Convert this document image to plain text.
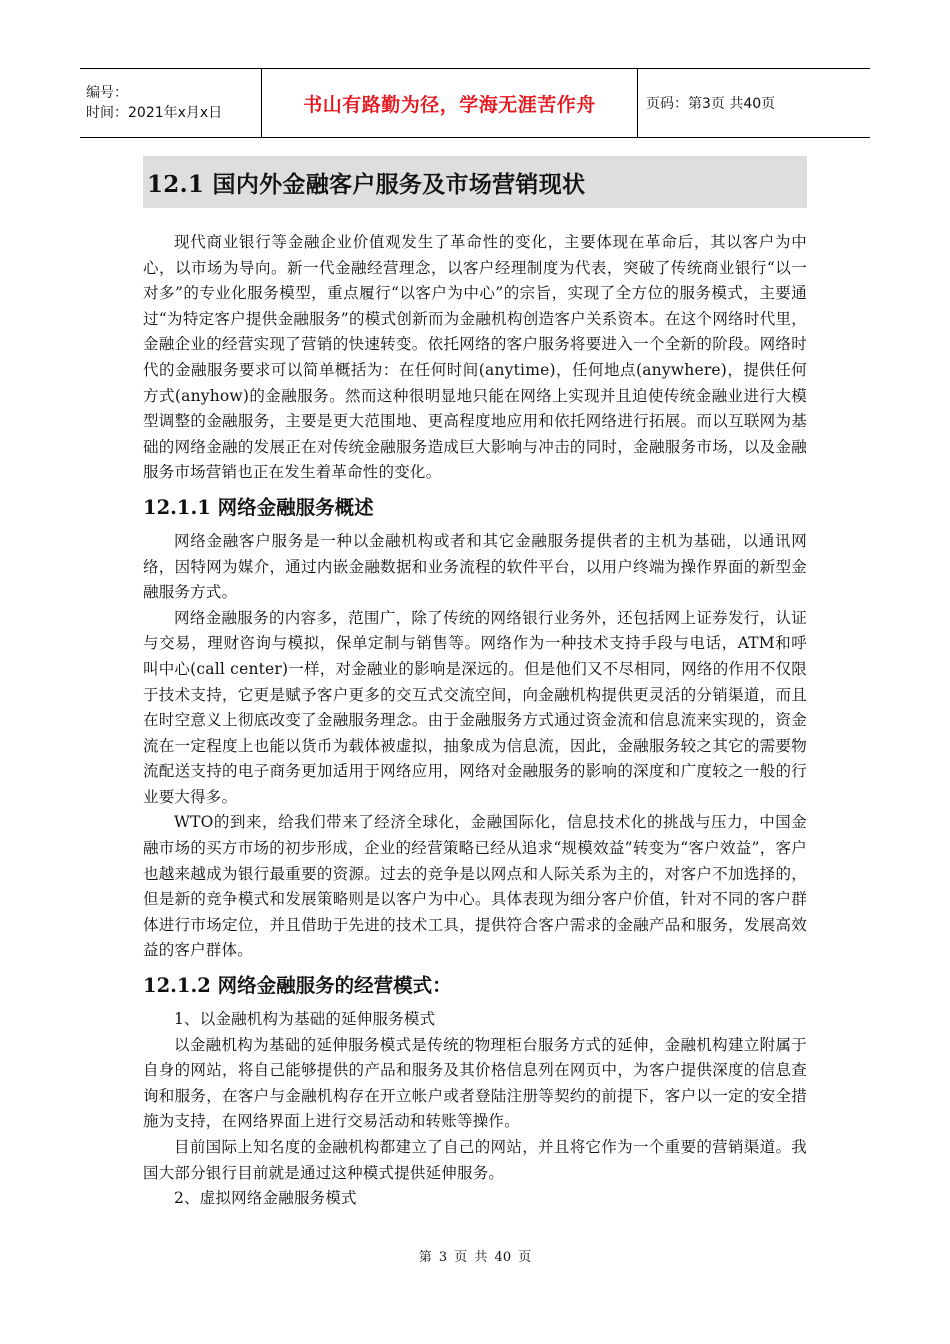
编号：
时间：2021年x月x日	书山有路勤为径，学海无涯苦作舟	页码：第3页 共40页
12.1 国内外金融客户服务及市场营销现状

现代商业银行等金融企业价值观发生了革命性的变化，主要体现在革命后，其以客户为中心，以市场为导向。新一代金融经营理念，以客户经理制度为代表，突破了传统商业银行“以一对多”的专业化服务模型，重点履行“以客户为中心”的宗旨，实现了全方位的服务模式，主要通过“为特定客户提供金融服务”的模式创新而为金融机构创造客户关系资本。在这个网络时代里，金融企业的经营实现了营销的快速转变。依托网络的客户服务将要进入一个全新的阶段。网络时代的金融服务要求可以简单概括为：在任何时间(anytime)，任何地点(anywhere)，提供任何方式(anyhow)的金融服务。然而这种很明显地只能在网络上实现并且迫使传统金融业进行大模型调整的金融服务，主要是更大范围地、更高程度地应用和依托网络进行拓展。而以互联网为基础的网络金融的发展正在对传统金融服务造成巨大影响与冲击的同时，金融服务市场，以及金融服务市场营销也正在发生着革命性的变化。

12.1.1 网络金融服务概述

网络金融客户服务是一种以金融机构或者和其它金融服务提供者的主机为基础，以通讯网络，因特网为媒介，通过内嵌金融数据和业务流程的软件平台，以用户终端为操作界面的新型金融服务方式。

网络金融服务的内容多，范围广，除了传统的网络银行业务外，还包括网上证券发行，认证与交易，理财咨询与模拟，保单定制与销售等。网络作为一种技术支持手段与电话，ATM和呼叫中心(call center)一样，对金融业的影响是深远的。但是他们又不尽相同，网络的作用不仅限于技术支持，它更是赋予客户更多的交互式交流空间，向金融机构提供更灵活的分销渠道，而且在时空意义上彻底改变了金融服务理念。由于金融服务方式通过资金流和信息流来实现的，资金流在一定程度上也能以货币为载体被虚拟，抽象成为信息流，因此，金融服务较之其它的需要物流配送支持的电子商务更加适用于网络应用，网络对金融服务的影响的深度和广度较之一般的行业要大得多。

WTO的到来，给我们带来了经济全球化，金融国际化，信息技术化的挑战与压力，中国金融市场的买方市场的初步形成，企业的经营策略已经从追求“规模效益”转变为“客户效益”，客户也越来越成为银行最重要的资源。过去的竞争是以网点和人际关系为主的，对客户不加选择的，但是新的竞争模式和发展策略则是以客户为中心。具体表现为细分客户价值，针对不同的客户群体进行市场定位，并且借助于先进的技术工具，提供符合客户需求的金融产品和服务，发展高效益的客户群体。

12.1.2 网络金融服务的经营模式：

1、以金融机构为基础的延伸服务模式

以金融机构为基础的延伸服务模式是传统的物理柜台服务方式的延伸，金融机构建立附属于自身的网站，将自己能够提供的产品和服务及其价格信息列在网页中，为客户提供深度的信息查询和服务，在客户与金融机构存在开立帐户或者登陆注册等契约的前提下，客户以一定的安全措施为支持，在网络界面上进行交易活动和转账等操作。

目前国际上知名度的金融机构都建立了自己的网站，并且将它作为一个重要的营销渠道。我国大部分银行目前就是通过这种模式提供延伸服务。

2、虚拟网络金融服务模式

第 3 页 共 40 页
